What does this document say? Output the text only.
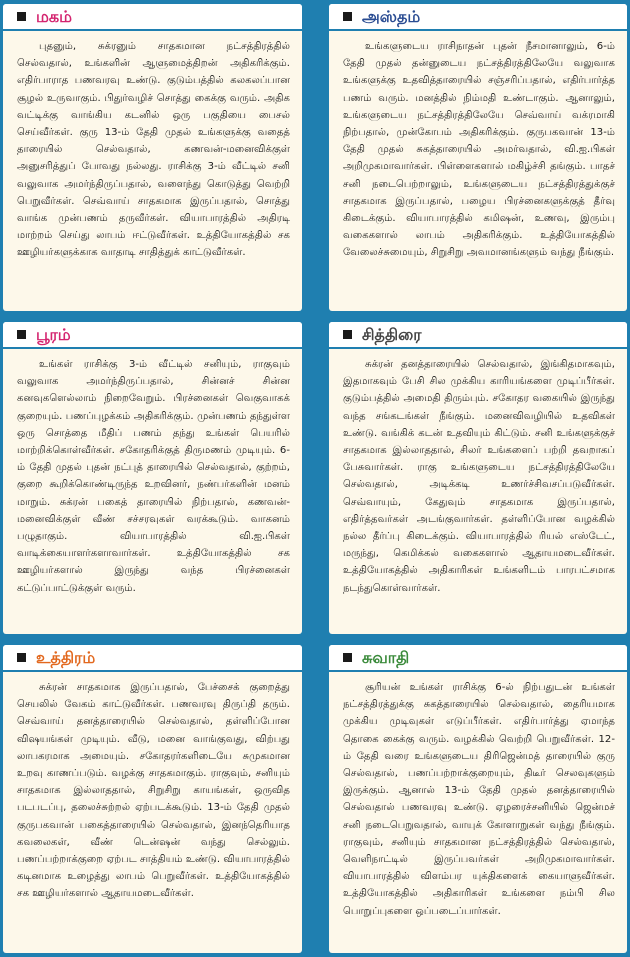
மகம்
புதனும், சுக்ரனும் சாதகமான நட்சத்திரத்தில் செல்வதால், உங்களின் ஆளுமைத்திறன் அதிகரிக்கும். எதிர்பாராத பணவரவு உண்டு. குடும்பத்தில் கலகலப்பான சூழல் உருவாகும். பிதுர்வழிச் சொத்து கைக்கு வரும். அதிக வட்டிக்கு வாங்கிய கடனில் ஒரு பகுதியை பைசல் செய்வீர்கள். குரு 13-ம் தேதி முதல் உங்களுக்கு வதைத் தாரையில் செல்வதால், கணவன்-மனைவிக்குள் அனுசரித்துப் போவது நல்லது. ராசிக்கு 3-ம் வீட்டில் சனி வலுவாக அமர்ந்திருப்பதால், வளைந்து கொடுத்து வெற்றி பெறுவீர்கள். செவ்வாய் சாதகமாக இருப்பதால், சொத்து வாங்க முன்பணம் தருவீர்கள். வியாபாரத்தில் அதிரடி மாற்றம் செய்து லாபம் ஈட்டுவீர்கள். உத்தியோகத்தில் சக ஊழியர்களுக்காக வாதாடி சாதித்துக் காட்டுவீர்கள்.
அஸ்தம்
உங்களுடைய ராசிநாதன் புதன் நீசமானாலும், 6-ம் தேதி முதல் தன்னுடைய நட்சத்திரத்திலேயே வலுவாக உங்களுக்கு உதவித்தாரையில் சஞ்சரிப்பதால், எதிர்பார்த்த பணம் வரும். மனத்தில் நிம்மதி உண்டாகும். ஆனாலும், உங்களுடைய நட்சத்திரத்திலேயே செவ்வாய் வக்ரமாகி நிற்பதால், முன்கோபம் அதிகரிக்கும். குருபகவான் 13-ம் தேதி முதல் சுகத்தாரையில் அமர்வதால், வி.ஐ.பிகள் அறிமுகமாவார்கள். பிள்ளைகளால் மகிழ்ச்சி தங்கும். பாதச் சனி நடைபெற்றாலும், உங்களுடைய நட்சத்திரத்துக்குச் சாதகமாக இருப்பதால், பழைய பிரச்னைகளுக்குத் தீர்வு கிடைக்கும். வியாபாரத்தில் கமிஷன், உணவு, இரும்பு வகைகளால் லாபம் அதிகரிக்கும். உத்தியோகத்தில் வேலைச்சுமையும், சிறுசிறு அவமானங்களும் வந்து நீங்கும்.
பூரம்
உங்கள் ராசிக்கு 3-ம் வீட்டில் சனியும், ராகுவும் வலுவாக அமர்ந்திருப்பதால், சின்னச் சின்ன கனவுகளெல்லாம் நிறைவேறும். பிரச்னைகள் வெகுவாகக் குறையும். பணப்புழக்கம் அதிகரிக்கும். முன்பணம் தந்துள்ள ஒரு சொத்தை மீதிப் பணம் தந்து உங்கள் பெயரில் மாற்றிக்கொள்வீர்கள். சகோதரிக்குத் திருமணம் முடியும். 6-ம் தேதி முதல் புதன் நட்புத் தாரையில் செல்வதால், குற்றம், குறை கூறிக்கொண்டிருந்த உறவினர், நண்பர்களின் மனம் மாறும். சுக்ரன் பகைத் தாரையில் நிற்பதால், கணவன்-மனைவிக்குள் வீண் சச்சரவுகள் வரக்கூடும். வாகனம் பழுதாகும். வியாபாரத்தில் வி.ஐ.பிகள் வாடிக்கையாளர்களாவார்கள். உத்தியோகத்தில் சக ஊழியர்களால் இருந்து வந்த பிரச்னைகள் கட்டுப்பாட்டுக்குள் வரும்.
சித்திரை
சுக்ரன் தனத்தாரையில் செல்வதால், இங்கிதமாகவும், இதமாகவும் பேசி சில முக்கிய காரியங்களை முடிப்பீர்கள். குடும்பத்தில் அமைதி திரும்பும். சகோதர வகையில் இருந்து வந்த சங்கடங்கள் நீங்கும். மனைவிவழியில் உதவிகள் உண்டு. வங்கிக் கடன் உதவியும் கிட்டும். சனி உங்களுக்குச் சாதகமாக இல்லாததால், சிலர் உங்களைப் பற்றி தவறாகப் பேசுவார்கள். ராகு உங்களுடைய நட்சத்திரத்திலேயே செல்வதால், அடிக்கடி உணர்ச்சிவசப்படுவீர்கள். செவ்வாயும், கேதுவும் சாதகமாக இருப்பதால், எதிர்த்தவர்கள் அடங்குவார்கள். தள்ளிப்போன வழக்கில் நல்ல தீர்ப்பு கிடைக்கும். வியாபாரத்தில் ரியல் எஸ்டேட், மருந்து, கெமிக்கல் வகைகளால் ஆதாயமடைவீர்கள். உத்தியோகத்தில் அதிகாரிகள் உங்களிடம் பாரபட்சமாக நடந்துகொள்வார்கள்.
உத்திரம்
சுக்ரன் சாதகமாக இருப்பதால், பேச்சைக் குறைத்து செயலில் வேகம் காட்டுவீர்கள். பணவரவு திருப்தி தரும். செவ்வாய் தனத்தாரையில் செல்வதால், தள்ளிப்போன விஷயங்கள் முடியும். வீடு, மனை வாங்குவது, விற்பது லாபகரமாக அமையும். சகோதரர்களிடையே சுமுகமான உறவு காணப்படும். வழக்கு சாதகமாகும். ராகுவும், சனியும் சாதகமாக இல்லாததால், சிறுசிறு காயங்கள், ஒருவித படபடப்பு, தலைச்சுற்றல் ஏற்படக்கூடும். 13-ம் தேதி முதல் குருபகவான் பகைத்தாரையில் செல்வதால், இனந்தெரியாத கவலைகள், வீண் டென்ஷன் வந்து செல்லும். பணப்பற்றாக்குறை ஏற்பட சாத்தியம் உண்டு. வியாபாரத்தில் கடினமாக உழைத்து லாபம் பெறுவீர்கள். உத்தியோகத்தில் சக ஊழியர்களால் ஆதாயமடைவீர்கள்.
சுவாதி
சூரியன் உங்கள் ராசிக்கு 6-ல் நிற்பதுடன் உங்கள் நட்சத்திரத்துக்கு சுகத்தாரையில் செல்வதால், தைரியமாக முக்கிய முடிவுகள் எடுப்பீர்கள். எதிர்பார்த்து ஏமாந்த தொகை கைக்கு வரும். வழக்கில் வெற்றி பெறுவீர்கள். 12-ம் தேதி வரை உங்களுடைய திரிஜென்மத் தாரையில் குரு செல்வதால், பணப்பற்றாக்குறையும், திடீர் செலவுகளும் இருக்கும். ஆனால் 13-ம் தேதி முதல் தனத்தாரையில் செல்வதால் பணவரவு உண்டு. ஏழரைச்சனியில் ஜென்மச் சனி நடைபெறுவதால், வாயுக் கோளாறுகள் வந்து நீங்கும். ராகுவும், சனியும் சாதகமான நட்சத்திரத்தில் செல்வதால், வெளிநாட்டில் இருப்பவர்கள் அறிமுகமாவார்கள். வியாபாரத்தில் விளம்பர யுக்திகளைக் கையாளுவீர்கள். உத்தியோகத்தில் அதிகாரிகள் உங்களை நம்பி சில பொறுப்புகளை ஒப்படைப்பார்கள்.
